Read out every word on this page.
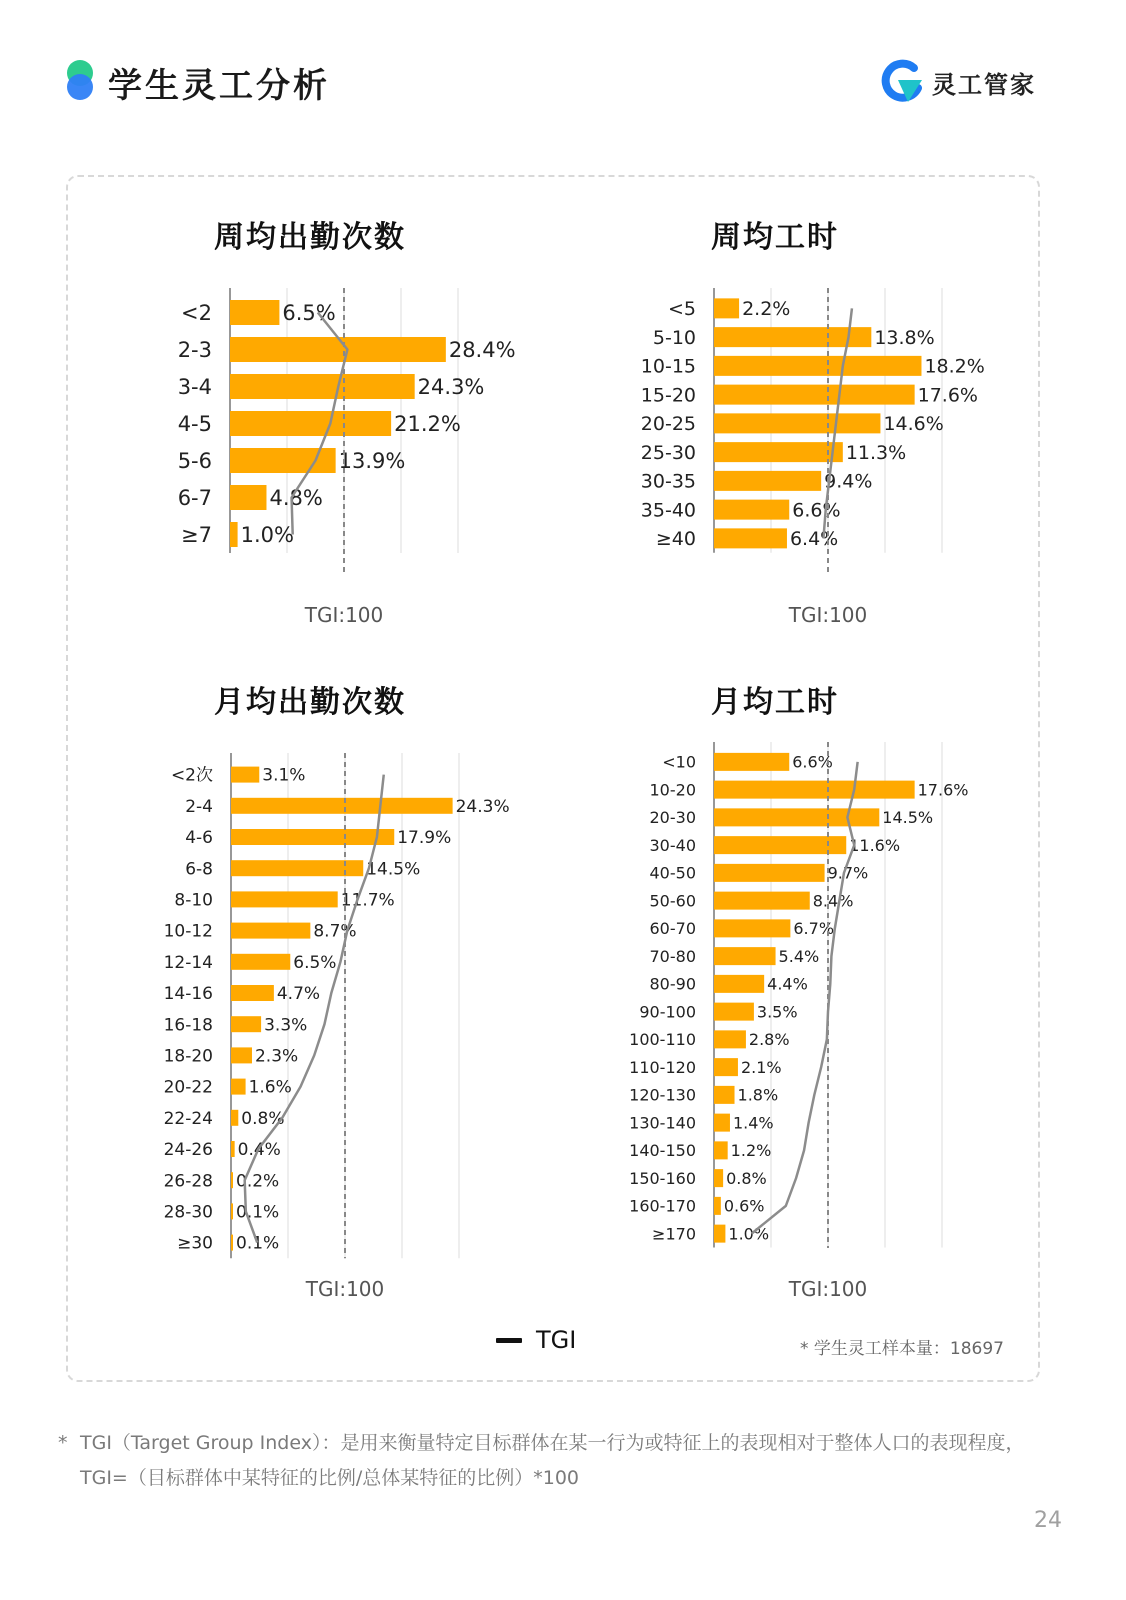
学生灵工分析	灵工管家
周均出勤次数	周均工时
月均出勤次数	月均工时
<2	6.5%
2-3	28.4%
3-4	24.3%
4-5	21.2%
5-6	13.9%
6-7	4.8%
≥7 1.0%
TGI:100
<5 2.2%
5-10	13.8%
10-15	18.2%
15-20	17.6%
20-25	14.6%
25-30	11.3%
30-35	9.4%
35-40	6.6%
≥40	6.4%
TGI:100
<2次	3.1%
2-4	24.3%
4-6	17.9%
6-8	14.5%
8-10	11.7%
10-12	8.7%
12-14	6.5%
14-16	4.7%
16-18	3.3%
18-20 2.3%
20-22 1.6%
22-24 0.8%
24-26 0.4%
26-28 0.2%
28-30 0.1%
≥30 0.1%
TGI:100
<10	6.6%
10-20	17.6%
20-30	14.5%
30-40	11.6%
40-50	9.7%
50-60	8.4%
60-70	6.7%
70-80	5.4%
80-90	4.4%
90-100	3.5%
100-110	2.8%
110-120	2.1%
120-130	1.8%
130-140 1.4%
140-150 1.2%
150-160 0.8%
160-170 0.6%
≥170 1.0%
TGI:100
TGI	* 学生灵工样本量：18697
* TGI（Target Group Index）：是用来衡量特定目标群体在某一行为或特征上的表现相对于整体人口的表现程度，TGI=（目标群体中某特征的比例/总体某特征的比例）*100
24
